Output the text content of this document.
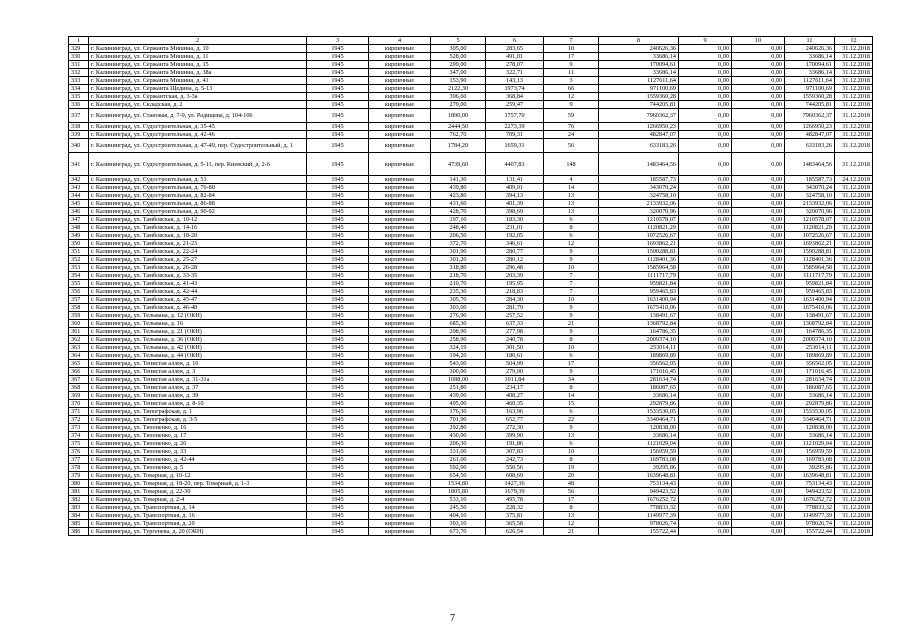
1	2	3	4	5	6	7	8	9	10	11	12
329	г. Калининград, ул. Сержанта Мишина, д. 10	1945	кирпичные	305,00	283,65	10	240626,36	0,00	0,00	240626,36	31.12.2018
330	г. Калининград, ул. Сержанта Мишина, д. 11	1945	кирпичные	528,00	491,01	17	33686,14	0,00	0,00	33686,14	31.12.2018
331	г. Калининград, ул. Сержанта Мишина, д. 15	1945	кирпичные	299,00	278,07	9	170094,61	0,00	0,00	170094,61	31.12.2018
332	г. Калининград, ул. Сержанта Мишина, д. 38а	1945	кирпичные	347,00	322,71	11	33686,14	0,00	0,00	33686,14	31.12.2018
333	г. Калининград, ул. Сержанта Мишина, д. 41	1945	кирпичные	153,90	143,13	3	1127611,64	0,00	0,00	1127611,64	31.12.2018
334	г. Калининград, ул. Сержанта Щедина, д. 5-13	1945	кирпичные	2122,30	1973,74	66	971100,69	0,00	0,00	971100,69	31.12.2018
335	г. Калининград, ул. Сержантская, д. 3-3а	1945	кирпичные	396,60	368,84	12	1559360,28	0,00	0,00	1559360,28	31.12.2018
336	г. Калининград, ул. Складская, д. 2	1945	кирпичные	279,00	259,47	9	744205,81	0,00	0,00	744205,81	31.12.2018
337	г. Калининград, ул. Становая, д. 7-9, ул. Радищева, д. 104-106	1945	кирпичные	1890,00	1757,70	59	7960362,37	0,00	0,00	7960362,37	31.12.2018
338	г. Калининград, ул. Судостроительная, д. 35-45	1945	кирпичные	2444,50	2273,39	76	1266950,23	0,00	0,00	1266950,23	31.12.2018
339	г. Калининград, ул. Судостроительная, д. 42-46	1945	кирпичные	762,70	709,31	24	482847,07	0,00	0,00	482847,07	31.12.2018
340	г. Калининград, ул. Судостроительная, д. 47-49, пер. Судостроительный, д. 1	1945	кирпичные	1784,20	1659,31	56	633183,26	0,00	0,00	633183,26	31.12.2018
341	г. Калининград, ул. Судостроительная, д. 5-11, пер. Киевский, д. 2-6	1945	кирпичные	4739,60	4407,83	148	1483464,56	0,00	0,00	1483464,56	31.12.2018
342	г. Калининград, ул. Судостроительная, д. 53	1945	кирпичные	141,30	131,41	4	185587,73	0,00	0,00	185587,73	24.12.2018
343	г. Калининград, ул. Судостроительная, д. 76-80	1945	кирпичные	439,80	409,01	14	343070,24	0,00	0,00	343070,24	31.12.2018
344	г. Калининград, ул. Судостроительная, д. 82-84	1945	кирпичные	423,80	394,13	13	324758,10	0,00	0,00	324758,10	31.12.2018
345	г. Калининград, ул. Судостроительная, д. 86-88	1945	кирпичные	431,60	401,39	13	2133932,06	0,00	0,00	2133932,06	31.12.2018
346	г. Калининград, ул. Судостроительная, д. 90-92	1945	кирпичные	428,70	398,69	13	320070,96	0,00	0,00	320070,96	31.12.2018
347	г. Калининград, ул. Тамбовская, д. 10-12	1945	кирпичные	197,10	183,30	6	1210578,07	0,00	0,00	1210578,07	31.12.2018
348	г. Калининград, ул. Тамбовская, д. 14-16	1945	кирпичные	248,40	231,01	8	1120821,29	0,00	0,00	1120821,29	31.12.2018
349	г. Калининград, ул. Тамбовская, д. 18-20	1945	кирпичные	206,50	192,05	6	1072526,67	0,00	0,00	1072526,67	31.12.2018
350	г. Калининград, ул. Тамбовская, д. 21-23	1945	кирпичные	372,70	346,61	12	1693862,21	0,00	0,00	1693862,21	31.12.2018
351	г. Калининград, ул. Тамбовская, д. 22-24	1945	кирпичные	301,90	280,77	9	1590288,81	0,00	0,00	1590288,81	31.12.2018
352	г. Калининград, ул. Тамбовская, д. 25-27	1945	кирпичные	301,20	280,12	9	1128401,36	0,00	0,00	1128401,36	31.12.2018
353	г. Калининград, ул. Тамбовская, д. 26-28	1945	кирпичные	318,80	296,48	10	1585964,58	0,00	0,00	1585964,58	31.12.2018
354	г. Калининград, ул. Тамбовская, д. 33-35	1945	кирпичные	218,70	203,39	7	1111717,79	0,00	0,00	1111717,79	31.12.2018
355	г. Калининград, ул. Тамбовская, д. 41-43	1945	кирпичные	210,70	195,95	7	959821,84	0,00	0,00	959821,84	31.12.2018
356	г. Калининград, ул. Тамбовская, д. 42-44	1945	кирпичные	235,30	218,83	7	959465,83	0,00	0,00	959465,83	31.12.2018
357	г. Калининград, ул. Тамбовская, д. 45-47	1945	кирпичные	305,70	284,30	10	1631400,94	0,00	0,00	1631400,94	31.12.2018
358	г. Калининград, ул. Тамбовская, д. 46-48	1945	кирпичные	303,00	281,79	9	1675410,06	0,00	0,00	1675410,06	31.12.2018
359	г. Калининград, ул. Тельмана, д. 12 (ОКН)	1945	кирпичные	276,90	257,52	9	138491,67	0,00	0,00	138491,67	31.12.2018
360	г. Калининград, ул. Тельмана, д. 16	1945	кирпичные	685,30	637,33	21	1368792,84	0,00	0,00	1368792,84	31.12.2018
361	г. Калининград, ул. Тельмана, д. 21 (ОКН)	1945	кирпичные	298,90	277,98	9	164786,35	0,00	0,00	164786,35	31.12.2018
362	г. Калининград, ул. Тельмана, д. 36 (ОКН)	1945	кирпичные	258,90	240,78	8	2009374,10	0,00	0,00	2009374,10	31.12.2018
363	г. Калининград, ул. Тельмана, д. 42 (ОКН)	1945	кирпичные	324,19	301,50	10	253014,11	0,00	0,00	253014,11	31.12.2018
364	г. Калининград, ул. Тельмана, д. 44 (ОКН)	1945	кирпичные	194,20	180,61	6	189869,89	0,00	0,00	189869,89	31.12.2018
365	г. Калининград, ул. Тенистая аллея, д. 16	1945	кирпичные	543,00	504,99	17	356562,05	0,00	0,00	356562,05	31.12.2018
366	г. Калининград, ул. Тенистая аллея, д. 3	1945	кирпичные	300,00	279,00	9	171016,45	0,00	0,00	171016,45	31.12.2018
367	г. Калининград, ул. Тенистая аллея, д. 31-31а	1945	кирпичные	1088,00	1011,84	34	281634,74	0,00	0,00	281634,74	31.12.2018
368	г. Калининград, ул. Тенистая аллея, д. 37	1945	кирпичные	251,80	234,17	8	186087,65	0,00	0,00	186087,65	31.12.2018
369	г. Калининград, ул. Тенистая аллея, д. 39	1945	кирпичные	439,00	408,27	14	33686,14	0,00	0,00	33686,14	31.12.2018
370	г. Калининград, ул. Тенистая аллея, д. 8-10	1945	кирпичные	495,00	460,35	15	292879,86	0,00	0,00	292879,86	31.12.2018
371	г. Калининград, ул. Типографская, д. 1	1945	кирпичные	176,30	163,96	6	1533530,05	0,00	0,00	1533530,05	31.12.2018
372	г. Калининград, ул. Типографская, д. 3-5	1945	кирпичные	701,90	652,77	22	3340464,71	0,00	0,00	3340464,71	31.12.2018
373	г. Калининград, ул. Тихоненко, д. 16	1945	кирпичные	292,80	272,30	9	120838,00	0,00	0,00	120838,00	31.12.2018
374	г. Калининград, ул. Тихоненко, д. 17	1945	кирпичные	430,00	399,90	13	33686,14	0,00	0,00	33686,14	31.12.2018
375	г. Калининград, ул. Тихоненко, д. 20	1945	кирпичные	206,30	191,86	6	1121029,04	0,00	0,00	1121029,04	31.12.2018
376	г. Калининград, ул. Тихоненко, д. 33	1945	кирпичные	331,00	307,83	10	156959,59	0,00	0,00	156959,59	31.12.2018
377	г. Калининград, ул. Тихоненко, д. 42-44	1945	кирпичные	261,00	242,73	8	169783,08	0,00	0,00	169783,08	31.12.2018
378	г. Калининград, ул. Тихоненко, д. 5	1945	кирпичные	592,00	550,56	19	39295,86	0,00	0,00	39295,86	31.12.2018
379	г. Калининград, ул. Товарная, д. 10-12	1945	кирпичные	654,50	608,69	20	1639648,81	0,00	0,00	1639648,81	31.12.2018
380	г. Калининград, ул. Товарная, д. 18-20, пер. Товарный, д. 1-3	1945	кирпичные	1534,80	1427,36	48	753134,43	0,00	0,00	753134,43	31.12.2018
381	г. Калининград, ул. Товарная, д. 22-30	1945	кирпичные	1805,80	1679,39	56	949423,52	0,00	0,00	949423,52	31.12.2018
382	г. Калининград, ул. Товарная, д. 2-4	1945	кирпичные	533,10	495,78	17	1676252,72	0,00	0,00	1676252,72	31.12.2018
383	г. Калининград, ул. Транспортная, д. 14	1945	кирпичные	245,50	228,32	8	778833,32	0,00	0,00	778833,32	31.12.2018
384	г. Калининград, ул. Транспортная, д. 16	1945	кирпичные	404,10	375,81	13	1149977,39	0,00	0,00	1149977,39	31.12.2018
385	г. Калининград, ул. Транспортная, д. 20	1945	кирпичные	393,10	365,58	12	978026,74	0,00	0,00	978026,74	31.12.2018
386	г. Калининград, ул. Тургенева, д. 20 (ОКН)	1945	кирпичные	673,70	626,54	21	155722,44	0,00	0,00	155722,44	31.12.2018
7
